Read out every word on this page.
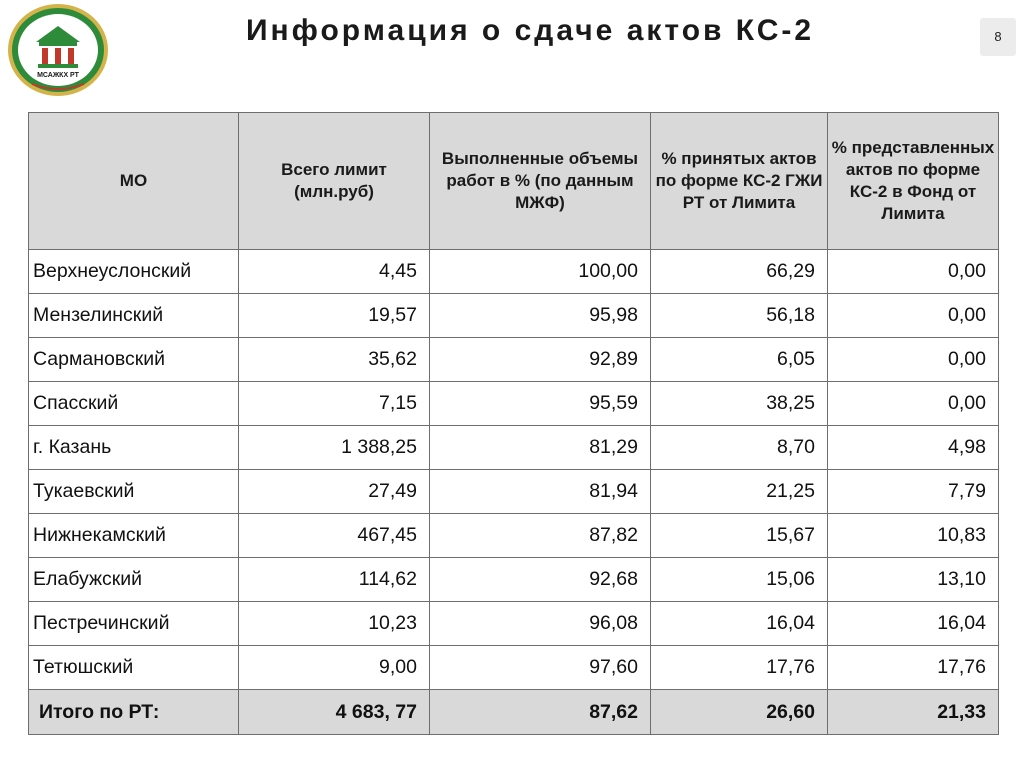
МСАЖКХ РТ
Информация о сдаче актов КС-2	8
МО	Всего лимит (млн.руб)	Выполненные объемы работ в % (по данным МЖФ)	% принятых актов по форме КС-2 ГЖИ РТ от Лимита	% представленных актов по форме КС-2 в Фонд от Лимита
Верхнеуслонский	4,45	100,00	66,29	0,00
Мензелинский	19,57	95,98	56,18	0,00
Сармановский	35,62	92,89	6,05	0,00
Спасский	7,15	95,59	38,25	0,00
г. Казань	1 388,25	81,29	8,70	4,98
Тукаевский	27,49	81,94	21,25	7,79
Нижнекамский	467,45	87,82	15,67	10,83
Елабужский	114,62	92,68	15,06	13,10
Пестречинский	10,23	96,08	16,04	16,04
Тетюшский	9,00	97,60	17,76	17,76
Итого по РТ:	4 683, 77	87,62	26,60	21,33
